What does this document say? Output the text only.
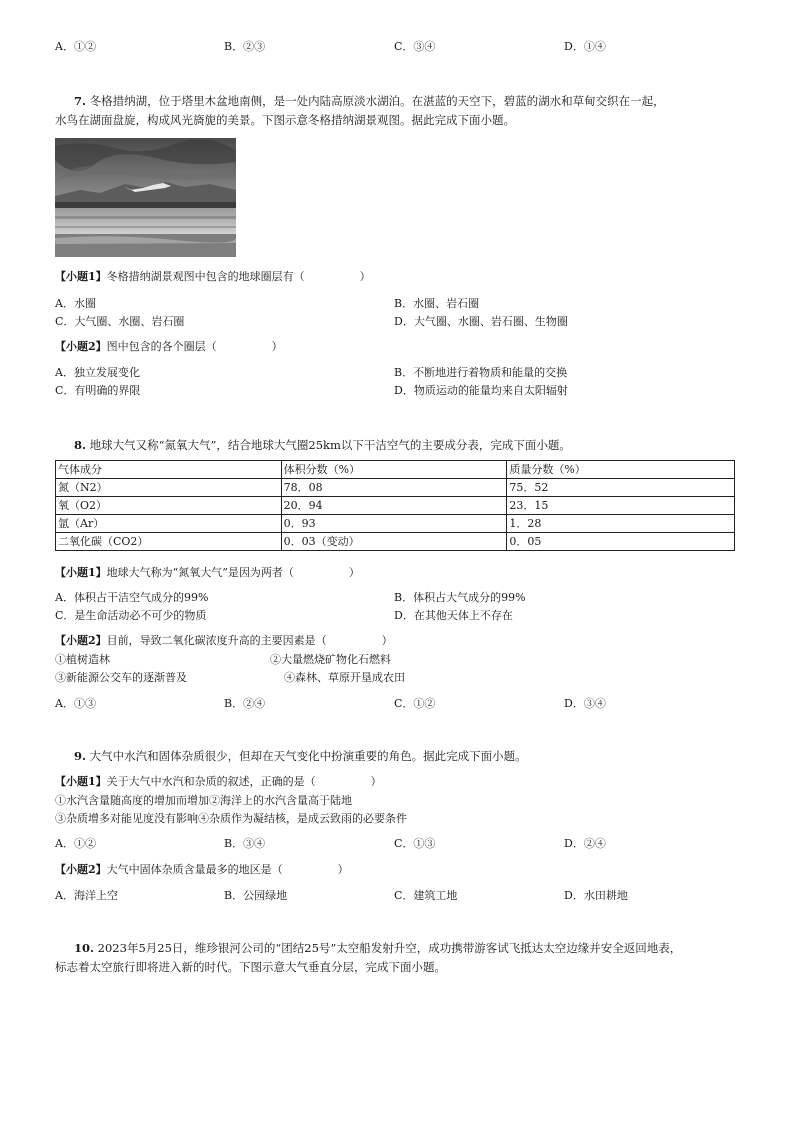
A．①②	B．②③	C．③④	D．①④
7. 冬格措纳湖，位于塔里木盆地南侧，是一处内陆高原淡水湖泊。在湛蓝的天空下，碧蓝的湖水和草甸交织在一起，
水鸟在湖面盘旋，构成风光旖旎的美景。下图示意冬格措纳湖景观图。据此完成下面小题。
【小题1】冬格措纳湖景观图中包含的地球圈层有（　　　　　）
A．水圈	B．水圈、岩石圈
C．大气圈、水圈、岩石圈	D．大气圈、水圈、岩石圈、生物圈
【小题2】图中包含的各个圈层（　　　　　）
A．独立发展变化	B．不断地进行着物质和能量的交换
C．有明确的界限	D．物质运动的能量均来自太阳辐射
8. 地球大气又称“氮氧大气”，结合地球大气圈25km以下干洁空气的主要成分表，完成下面小题。
气体成分	体积分数（%）	质量分数（%）
氮（N2）	78．08	75．52
氧（O2）	20．94	23．15
氩（Ar）	0．93	1．28
二氧化碳（CO2）	0．03（变动）	0．05
【小题1】地球大气称为“氮氧大气”是因为两者（　　　　　）
A．体积占干洁空气成分的99%	B．体积占大气成分的99%
C．是生命活动必不可少的物质	D．在其他天体上不存在
【小题2】目前，导致二氧化碳浓度升高的主要因素是（　　　　　）
①植树造林	②大量燃烧矿物化石燃料
③新能源公交车的逐渐普及	④森林、草原开垦成农田
A．①③	B．②④	C．①②	D．③④
9. 大气中水汽和固体杂质很少，但却在天气变化中扮演重要的角色。据此完成下面小题。
【小题1】关于大气中水汽和杂质的叙述，正确的是（　　　　　）
①水汽含量随高度的增加而增加②海洋上的水汽含量高于陆地
③杂质增多对能见度没有影响④杂质作为凝结核，是成云致雨的必要条件
A．①②	B．③④	C．①③	D．②④
【小题2】大气中固体杂质含量最多的地区是（　　　　　）
A．海洋上空	B．公园绿地	C．建筑工地	D．水田耕地
10. 2023年5月25日，维珍银河公司的“团结25号”太空船发射升空，成功携带游客试飞抵达太空边缘并安全返回地表，
标志着太空旅行即将进入新的时代。下图示意大气垂直分层，完成下面小题。
